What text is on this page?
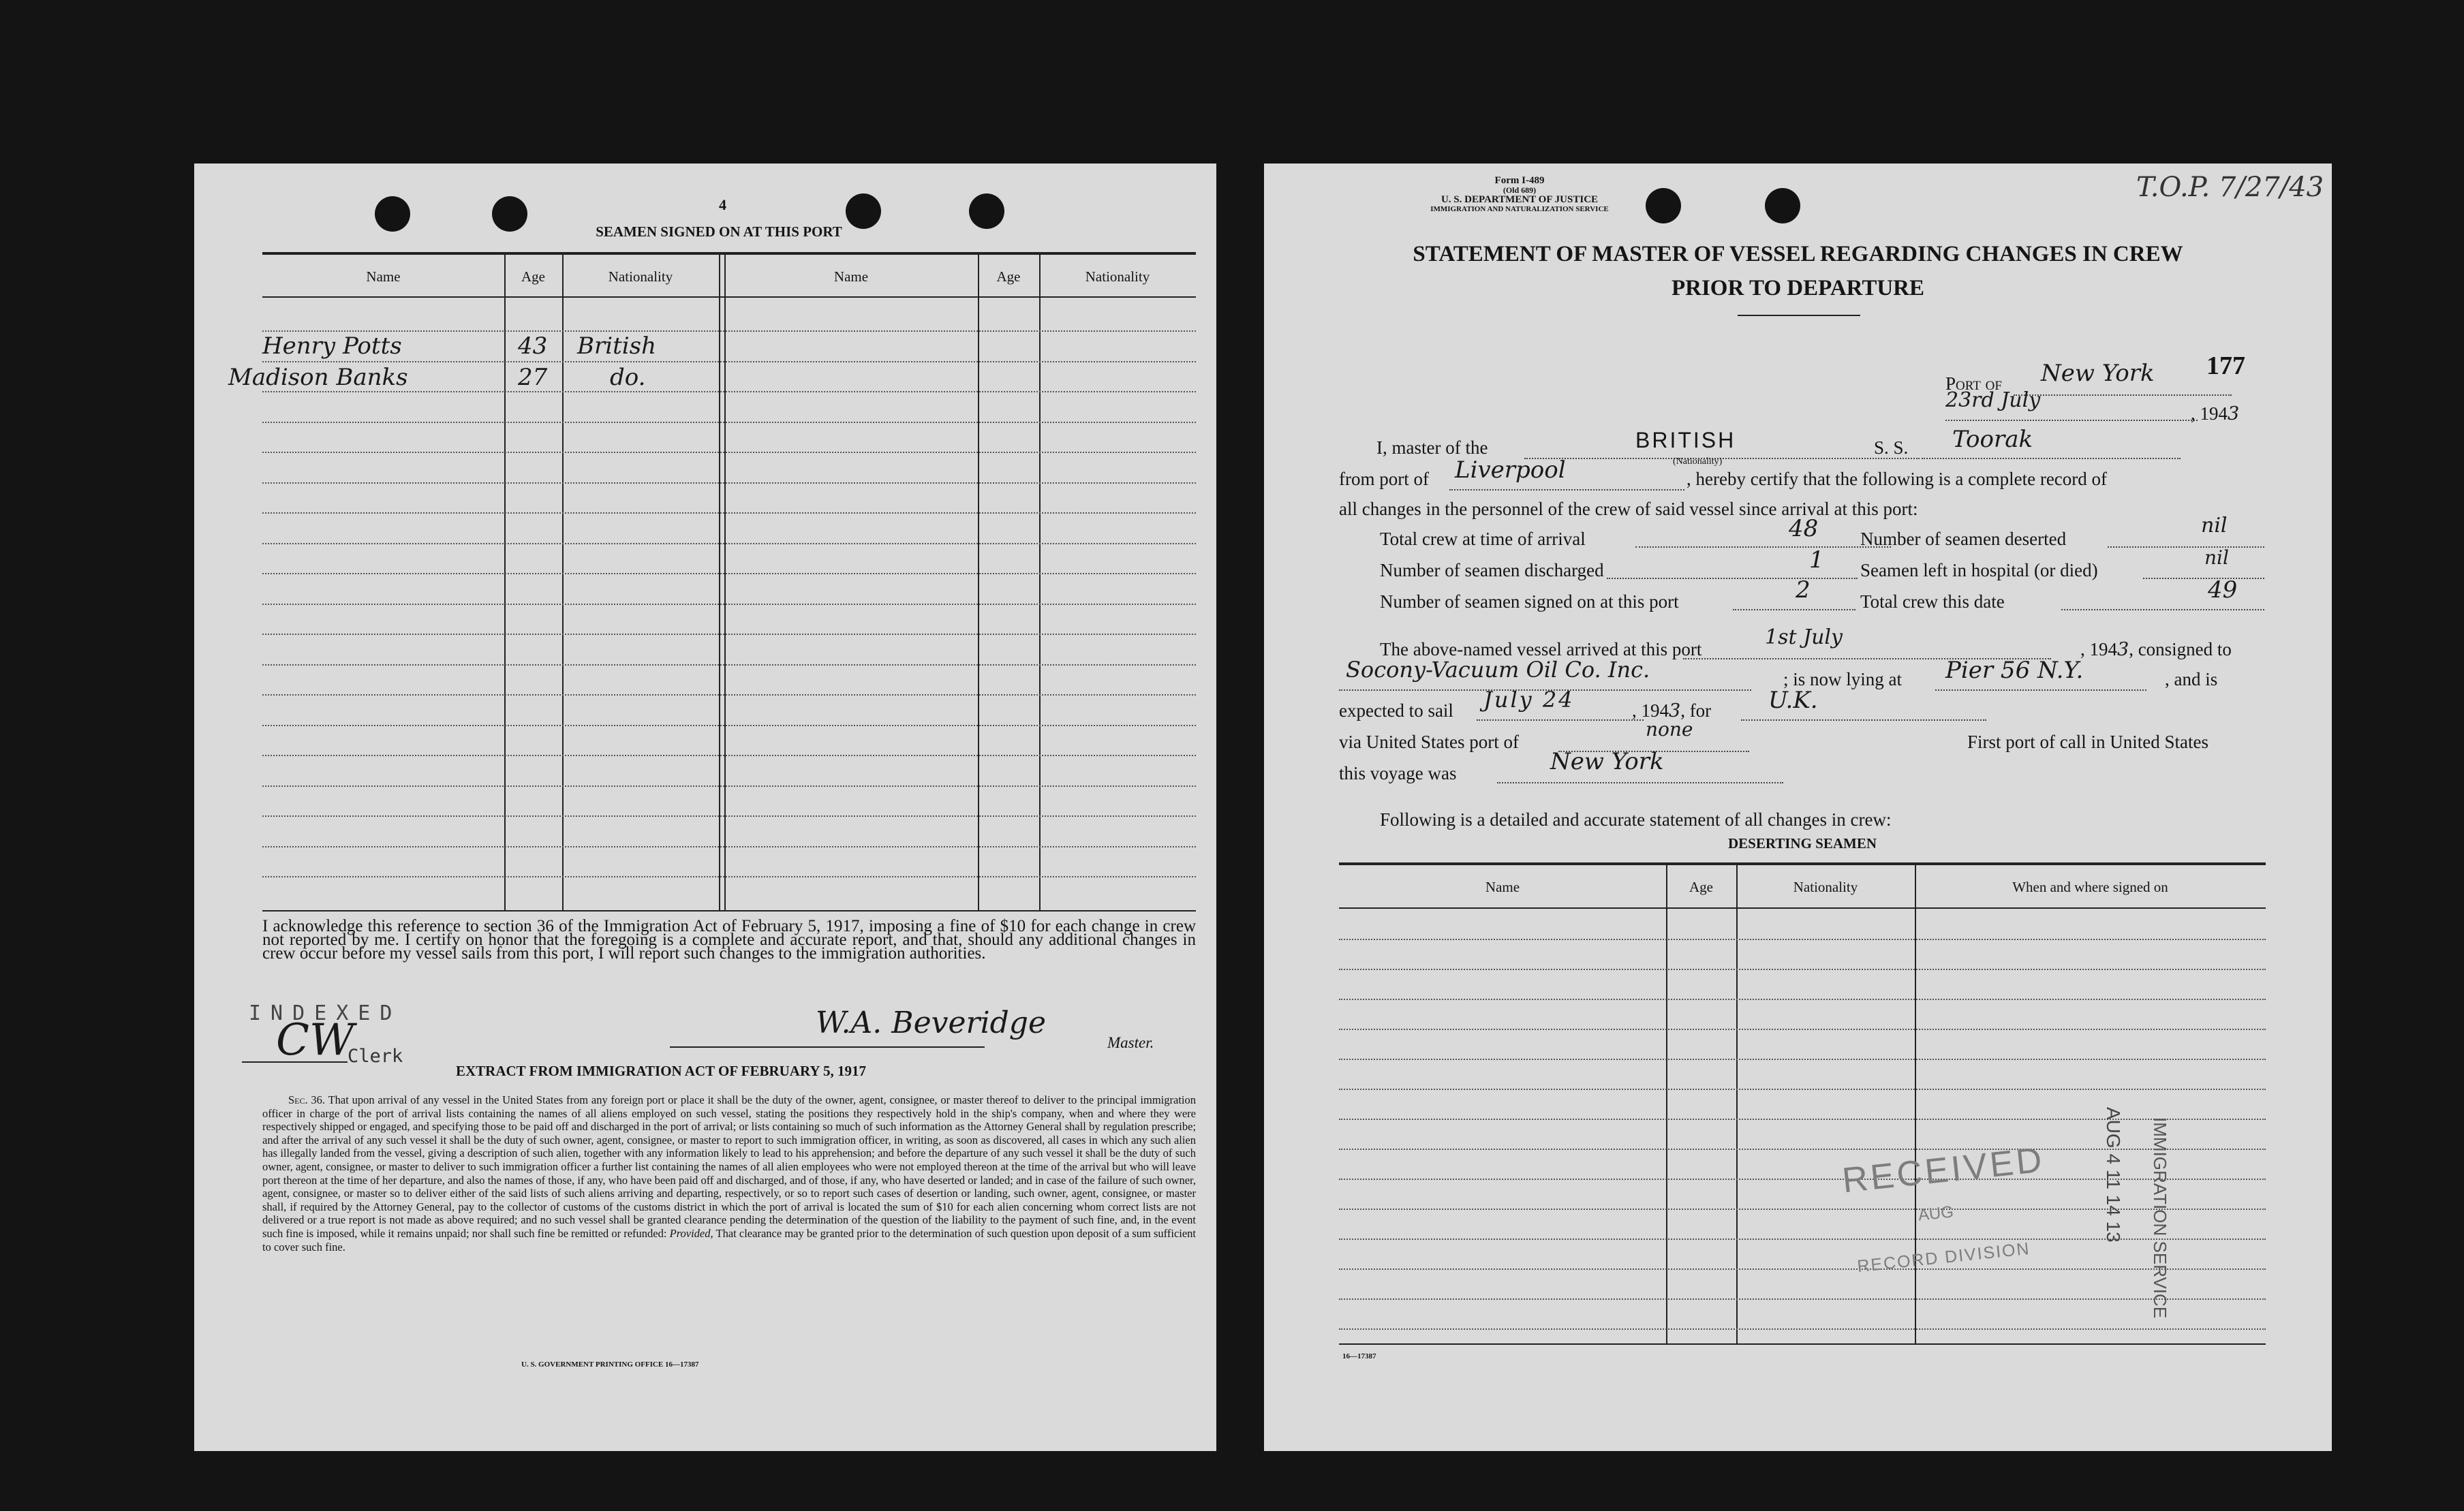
4
SEAMEN SIGNED ON AT THIS PORT
Name	Age	Nationality	Name	Age	Nationality
Henry Potts	43 British
Madison Banks	27	do.
I acknowledge this reference to section 36 of the Immigration Act of February 5, 1917, imposing a fine of $10 for each change in crew not reported by me. I certify on honor that the foregoing is a complete and accurate report, and that, should any additional changes in crew occur before my vessel sails from this port, I will report such changes to the immigration authorities.
INDEXED
CW
Clerk
W.A. Beveridge
Master.
EXTRACT FROM IMMIGRATION ACT OF FEBRUARY 5, 1917
Sec. 36. That upon arrival of any vessel in the United States from any foreign port or place it shall be the duty of the owner, agent, consignee, or master thereof to deliver to the principal immigration officer in charge of the port of arrival lists containing the names of all aliens employed on such vessel, stating the positions they respectively hold in the ship's company, when and where they were respectively shipped or engaged, and specifying those to be paid off and discharged in the port of arrival; or lists containing so much of such information as the Attorney General shall by regulation prescribe; and after the arrival of any such vessel it shall be the duty of such owner, agent, consignee, or master to report to such immigration officer, in writing, as soon as discovered, all cases in which any such alien has illegally landed from the vessel, giving a description of such alien, together with any information likely to lead to his apprehension; and before the departure of any such vessel it shall be the duty of such owner, agent, consignee, or master to deliver to such immigration officer a further list containing the names of all alien employees who were not employed thereon at the time of the arrival but who will leave port thereon at the time of her departure, and also the names of those, if any, who have been paid off and discharged, and of those, if any, who have deserted or landed; and in case of the failure of such owner, agent, consignee, or master so to deliver either of the said lists of such aliens arriving and departing, respectively, or so to report such cases of desertion or landing, such owner, agent, consignee, or master shall, if required by the Attorney General, pay to the collector of customs of the customs district in which the port of arrival is located the sum of $10 for each alien concerning whom correct lists are not delivered or a true report is not made as above required; and no such vessel shall be granted clearance pending the determination of the question of the liability to the payment of such fine, and, in the event such fine is imposed, while it remains unpaid; nor shall such fine be remitted or refunded: Provided, That clearance may be granted prior to the determination of such question upon deposit of a sum sufficient to cover such fine.
U. S. GOVERNMENT PRINTING OFFICE 16—17387
Form I-489
(Old 689)
U. S. DEPARTMENT OF JUSTICE
IMMIGRATION AND NATURALIZATION SERVICE
T.O.P. 7/27/43
STATEMENT OF MASTER OF VESSEL REGARDING CHANGES IN CREW
PRIOR TO DEPARTURE
177
Port of New York
23rd July
, 1943
I, master of the	BRITISH
(Nationality)
S. S. Toorak
from port of Liverpool	, hereby certify that the following is a complete record of
all changes in the personnel of the crew of said vessel since arrival at this port:
Total crew at time of arrival	48 Number of seamen deserted
nil
Number of seamen discharged	1 Seamen left in hospital (or died)
nil
Number of seamen signed on at this port	2	Total crew this date	49
The above-named vessel arrived at this port	1st July	, 1943, consigned to
Socony-Vacuum Oil Co. Inc.	; is now lying at Pier 56 N.Y.	, and is
expected to sail July 24	, 1943, for U.K.
via United States port of
none
First port of call in United States
this voyage was	New York
Following is a detailed and accurate statement of all changes in crew:
DESERTING SEAMEN
Name	Age	Nationality	When and where signed on
RECEIVED
AUG
RECORD DIVISION	IMMIGRATION SERVICE
AUG 4 11 14 13
16—17387
